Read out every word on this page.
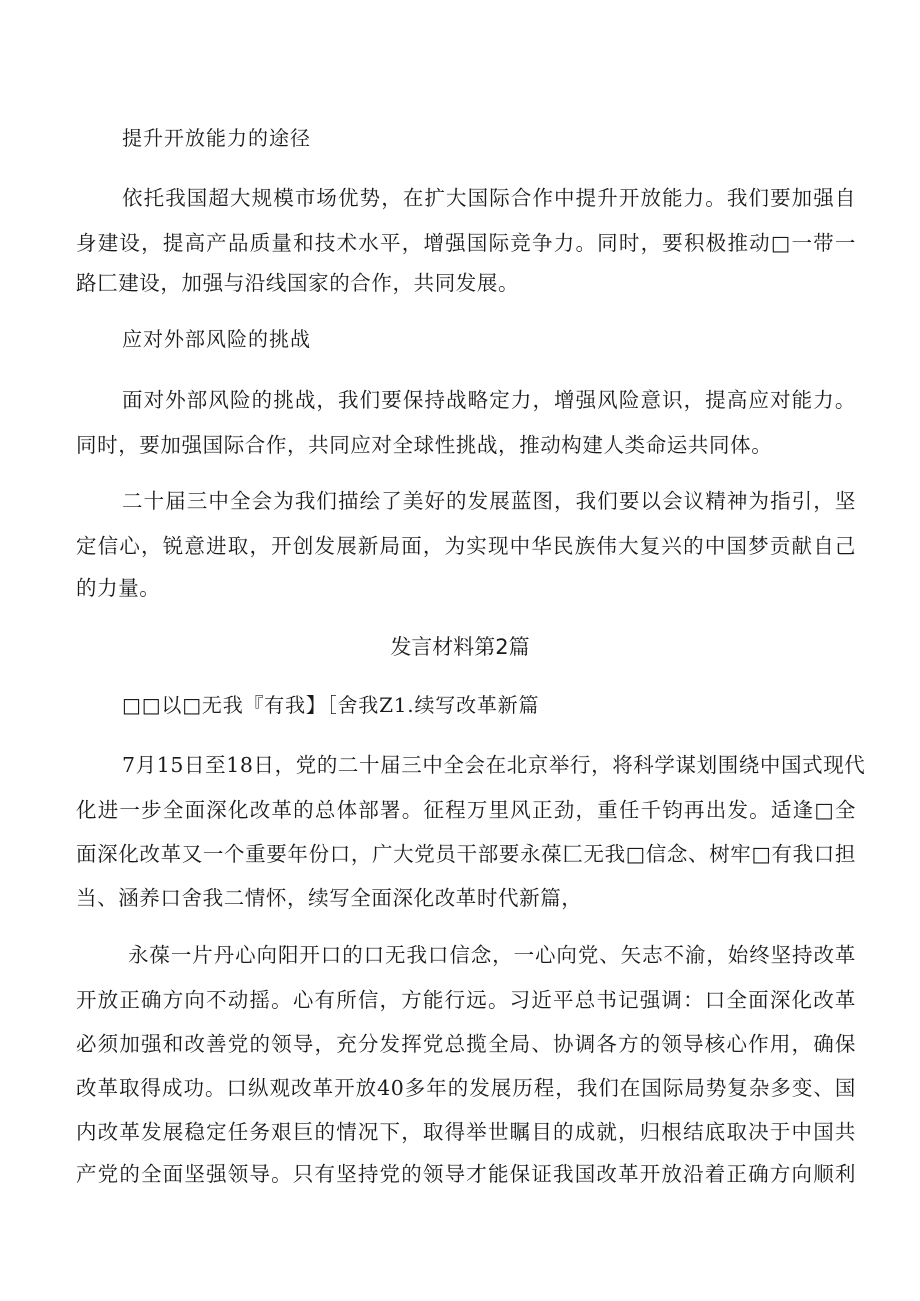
提升开放能力的途径
依托我国超大规模市场优势，在扩大国际合作中提升开放能力。我们要加强自
身建设，提高产品质量和技术水平，增强国际竞争力。同时，要积极推动□一带一
路匚建设，加强与沿线国家的合作，共同发展。
应对外部风险的挑战
面对外部风险的挑战，我们要保持战略定力，增强风险意识，提高应对能力。
同时，要加强国际合作，共同应对全球性挑战，推动构建人类命运共同体。
二十届三中全会为我们描绘了美好的发展蓝图，我们要以会议精神为指引，坚
定信心，锐意进取，开创发展新局面，为实现中华民族伟大复兴的中国梦贡献自己
的力量。
发言材料第2篇
□□以□无我『有我】［舍我Z1.续写改革新篇
7月15日至18日，党的二十届三中全会在北京举行，将科学谋划围绕中国式现代
化进一步全面深化改革的总体部署。征程万里风正劲，重任千钧再出发。适逢□全
面深化改革又一个重要年份口，广大党员干部要永葆匚无我□信念、树牢□有我口担
当、涵养口舍我二情怀，续写全面深化改革时代新篇，
永葆一片丹心向阳开口的口无我口信念，一心向党、矢志不渝，始终坚持改革
开放正确方向不动摇。心有所信，方能行远。习近平总书记强调：口全面深化改革
必须加强和改善党的领导，充分发挥党总揽全局、协调各方的领导核心作用，确保
改革取得成功。口纵观改革开放40多年的发展历程，我们在国际局势复杂多变、国
内改革发展稳定任务艰巨的情况下，取得举世瞩目的成就，归根结底取决于中国共
产党的全面坚强领导。只有坚持党的领导才能保证我国改革开放沿着正确方向顺利
